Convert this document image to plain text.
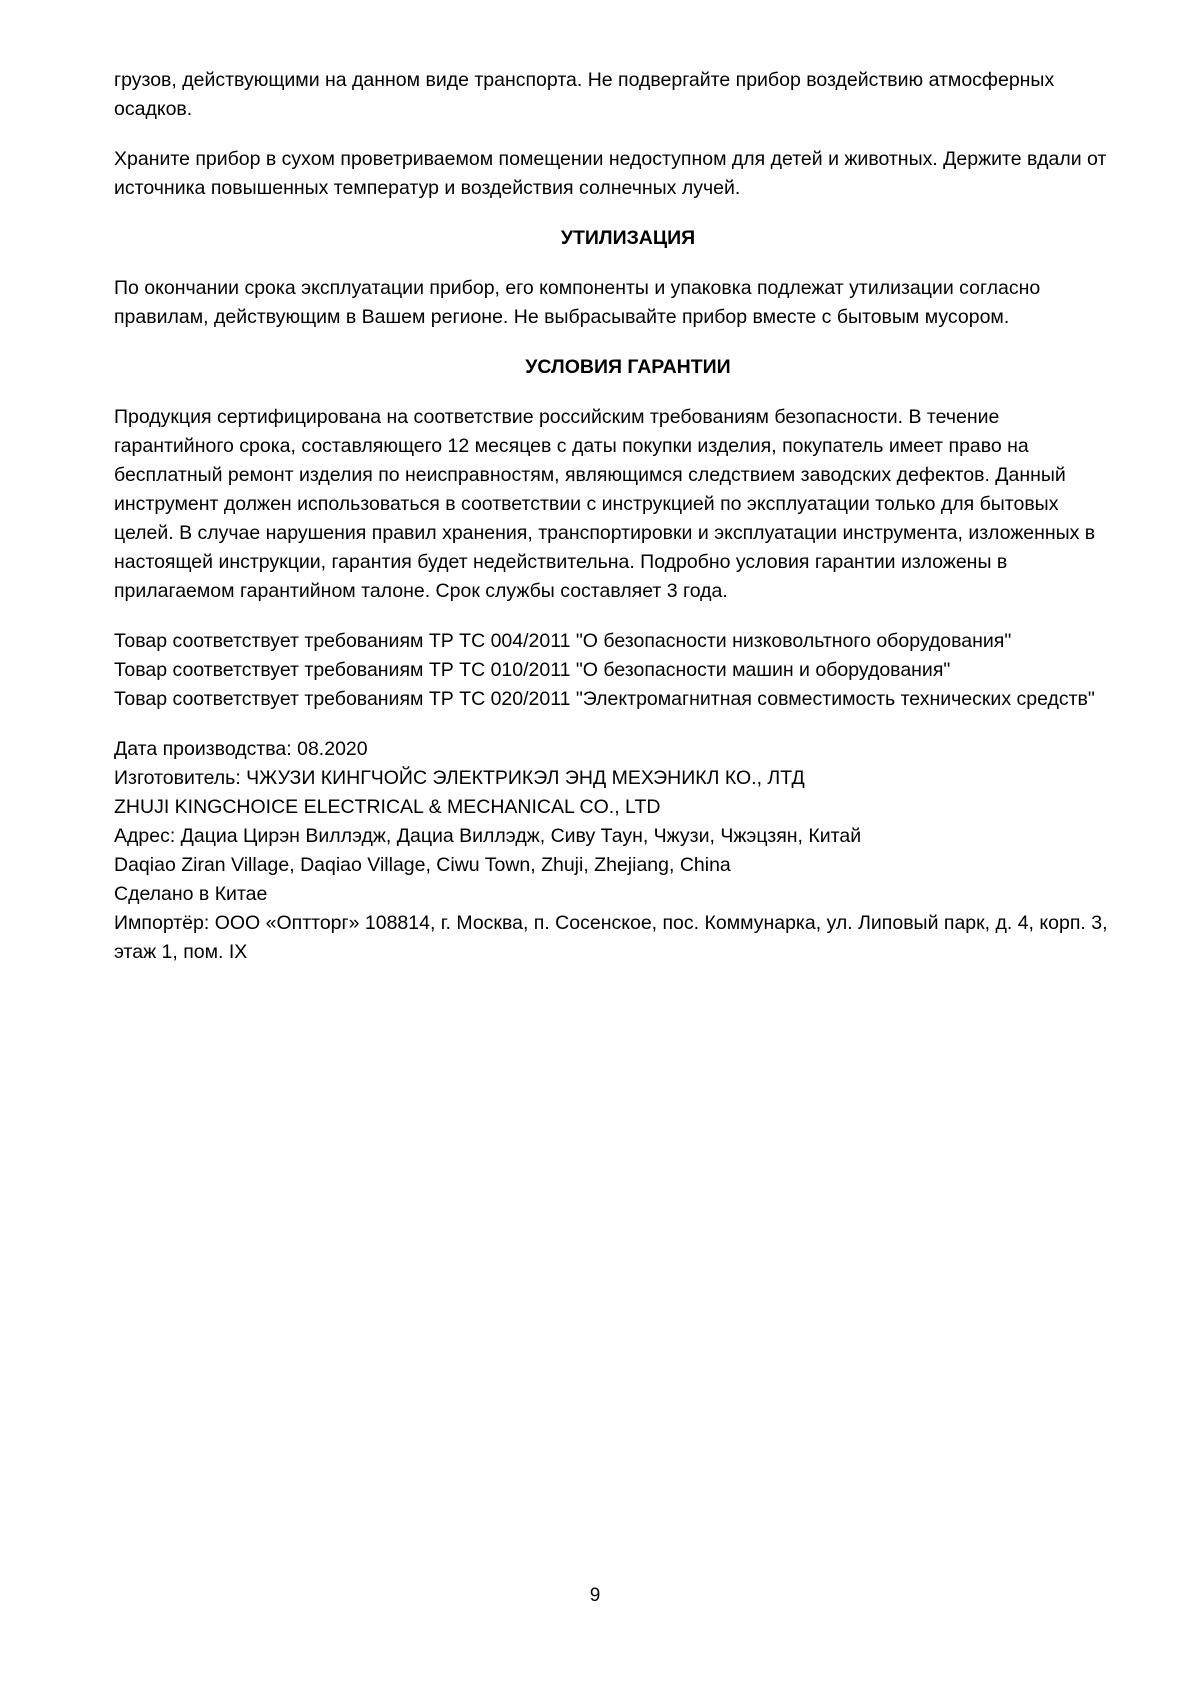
грузов, действующими на данном виде транспорта. Не подвергайте прибор воздействию атмосферных осадков.

Храните прибор в сухом проветриваемом помещении недоступном для детей и животных. Держите вдали от источника повышенных температур и воздействия солнечных лучей.

УТИЛИЗАЦИЯ

По окончании срока эксплуатации прибор, его компоненты и упаковка подлежат утилизации согласно правилам, действующим в Вашем регионе. Не выбрасывайте прибор вместе с бытовым мусором.

УСЛОВИЯ ГАРАНТИИ

Продукция сертифицирована на соответствие российским требованиям безопасности. В течение гарантийного срока, составляющего 12 месяцев с даты покупки изделия, покупатель имеет право на бесплатный ремонт изделия по неисправностям, являющимся следствием заводских дефектов. Данный инструмент должен использоваться в соответствии с инструкцией по эксплуатации только для бытовых целей. В случае нарушения правил хранения, транспортировки и эксплуатации инструмента, изложенных в настоящей инструкции, гарантия будет недействительна. Подробно условия гарантии изложены в прилагаемом гарантийном талоне. Срок службы составляет 3 года.

Товар соответствует требованиям ТР ТС 004/2011 "О безопасности низковольтного оборудования"
Товар соответствует требованиям ТР ТС 010/2011 "О безопасности машин и оборудования"
Товар соответствует требованиям ТР ТС 020/2011 "Электромагнитная совместимость технических средств"
Дата производства: 08.2020
Изготовитель: ЧЖУЗИ КИНГЧОЙС ЭЛЕКТРИКЭЛ ЭНД МЕХЭНИКЛ КО., ЛТД
ZHUJI KINGCHOICE ELECTRICAL & MECHANICAL CO., LTD
Адрес: Дациа Цирэн Виллэдж, Дациа Виллэдж, Сиву Таун, Чжузи, Чжэцзян, Китай
Daqiao Ziran Village, Daqiao Village, Ciwu Town, Zhuji, Zhejiang, China
Сделано в Китае
Импортёр: ООО «Оптторг» 108814, г. Москва, п. Сосенское, пос. Коммунарка, ул. Липовый парк, д. 4, корп. 3, этаж 1, пом. IX
9
